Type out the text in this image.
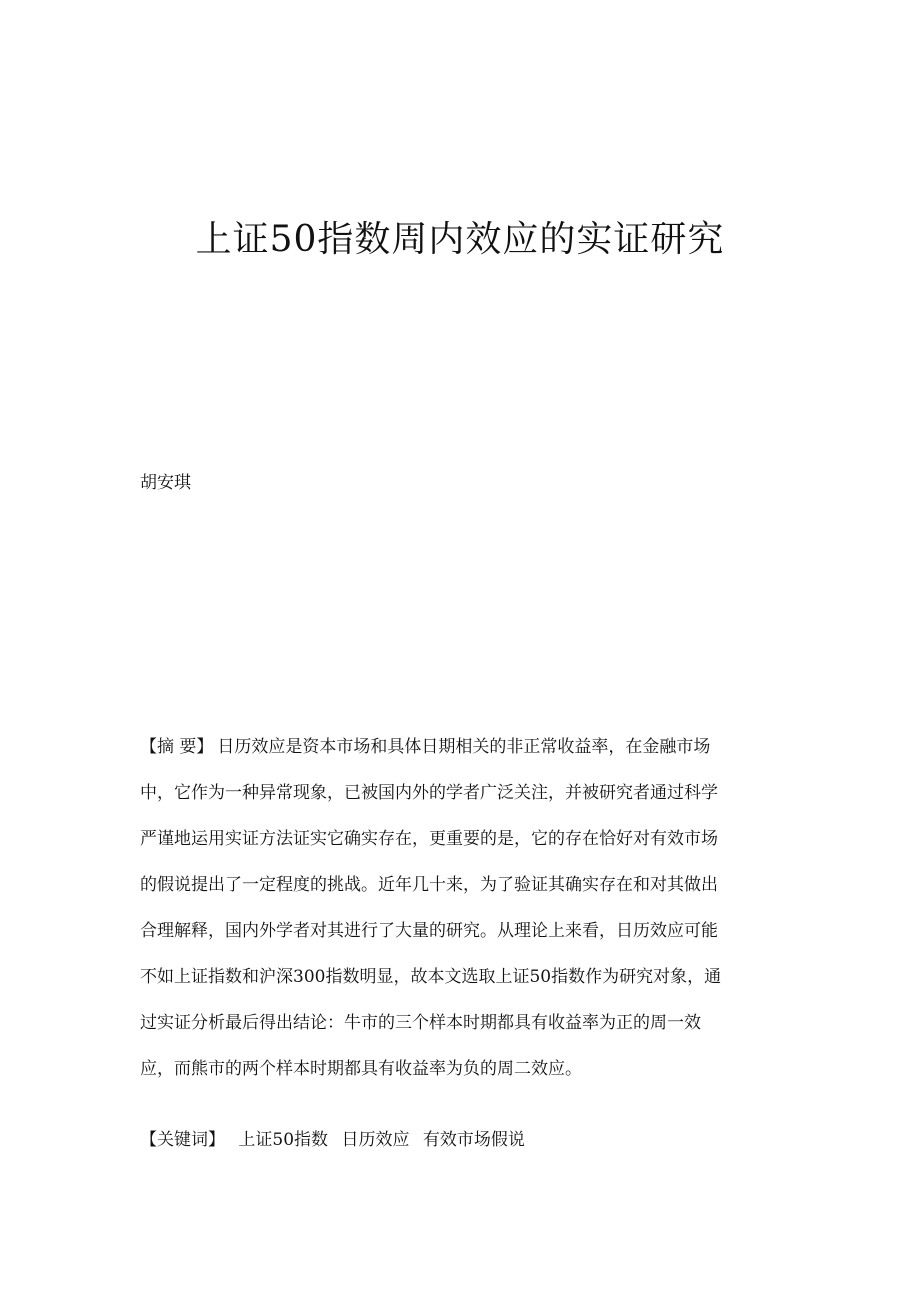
上证50指数周内效应的实证研究
胡安琪
【摘 要】 日历效应是资本市场和具体日期相关的非正常收益率，在金融市场
中，它作为一种异常现象，已被国内外的学者广泛关注，并被研究者通过科学
严谨地运用实证方法证实它确实存在，更重要的是，它的存在恰好对有效市场
的假说提出了一定程度的挑战。近年几十来，为了验证其确实存在和对其做出
合理解释，国内外学者对其进行了大量的研究。从理论上来看，日历效应可能
不如上证指数和沪深300指数明显，故本文选取上证50指数作为研究对象，通
过实证分析最后得出结论：牛市的三个样本时期都具有收益率为正的周一效
应，而熊市的两个样本时期都具有收益率为负的周二效应。
【关键词】 上证50指数 日历效应 有效市场假说
